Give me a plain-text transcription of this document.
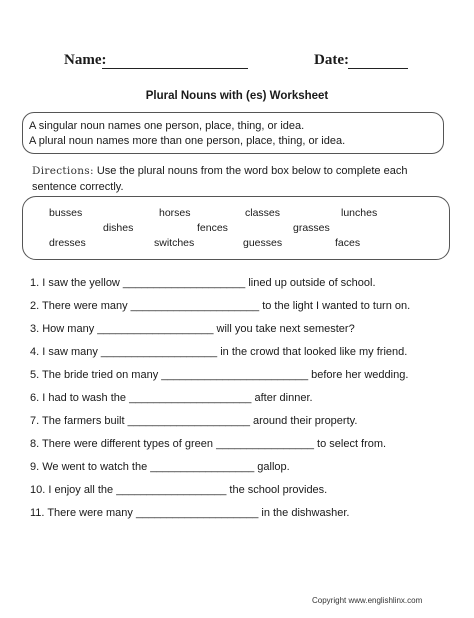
Name:	Date:
Plural Nouns with (es) Worksheet
A singular noun names one person, place, thing, or idea.
A plural noun names more than one person, place, thing, or idea.
Directions: Use the plural nouns from the word box below to complete each sentence correctly.
busses	horses	classes	lunches
dishes	fences	grasses
dresses	switches	guesses	faces
1. I saw the yellow ____________________ lined up outside of school.
2. There were many _____________________ to the light I wanted to turn on.
3. How many ___________________ will you take next semester?
4. I saw many ___________________ in the crowd that looked like my friend.
5. The bride tried on many ________________________ before her wedding.
6. I had to wash the ____________________ after dinner.
7. The farmers built ____________________ around their property.
8. There were different types of green ________________ to select from.
9. We went to watch the _________________ gallop.
10. I enjoy all the __________________ the school provides.
11. There were many ____________________ in the dishwasher.
Copyright www.englishlinx.com
